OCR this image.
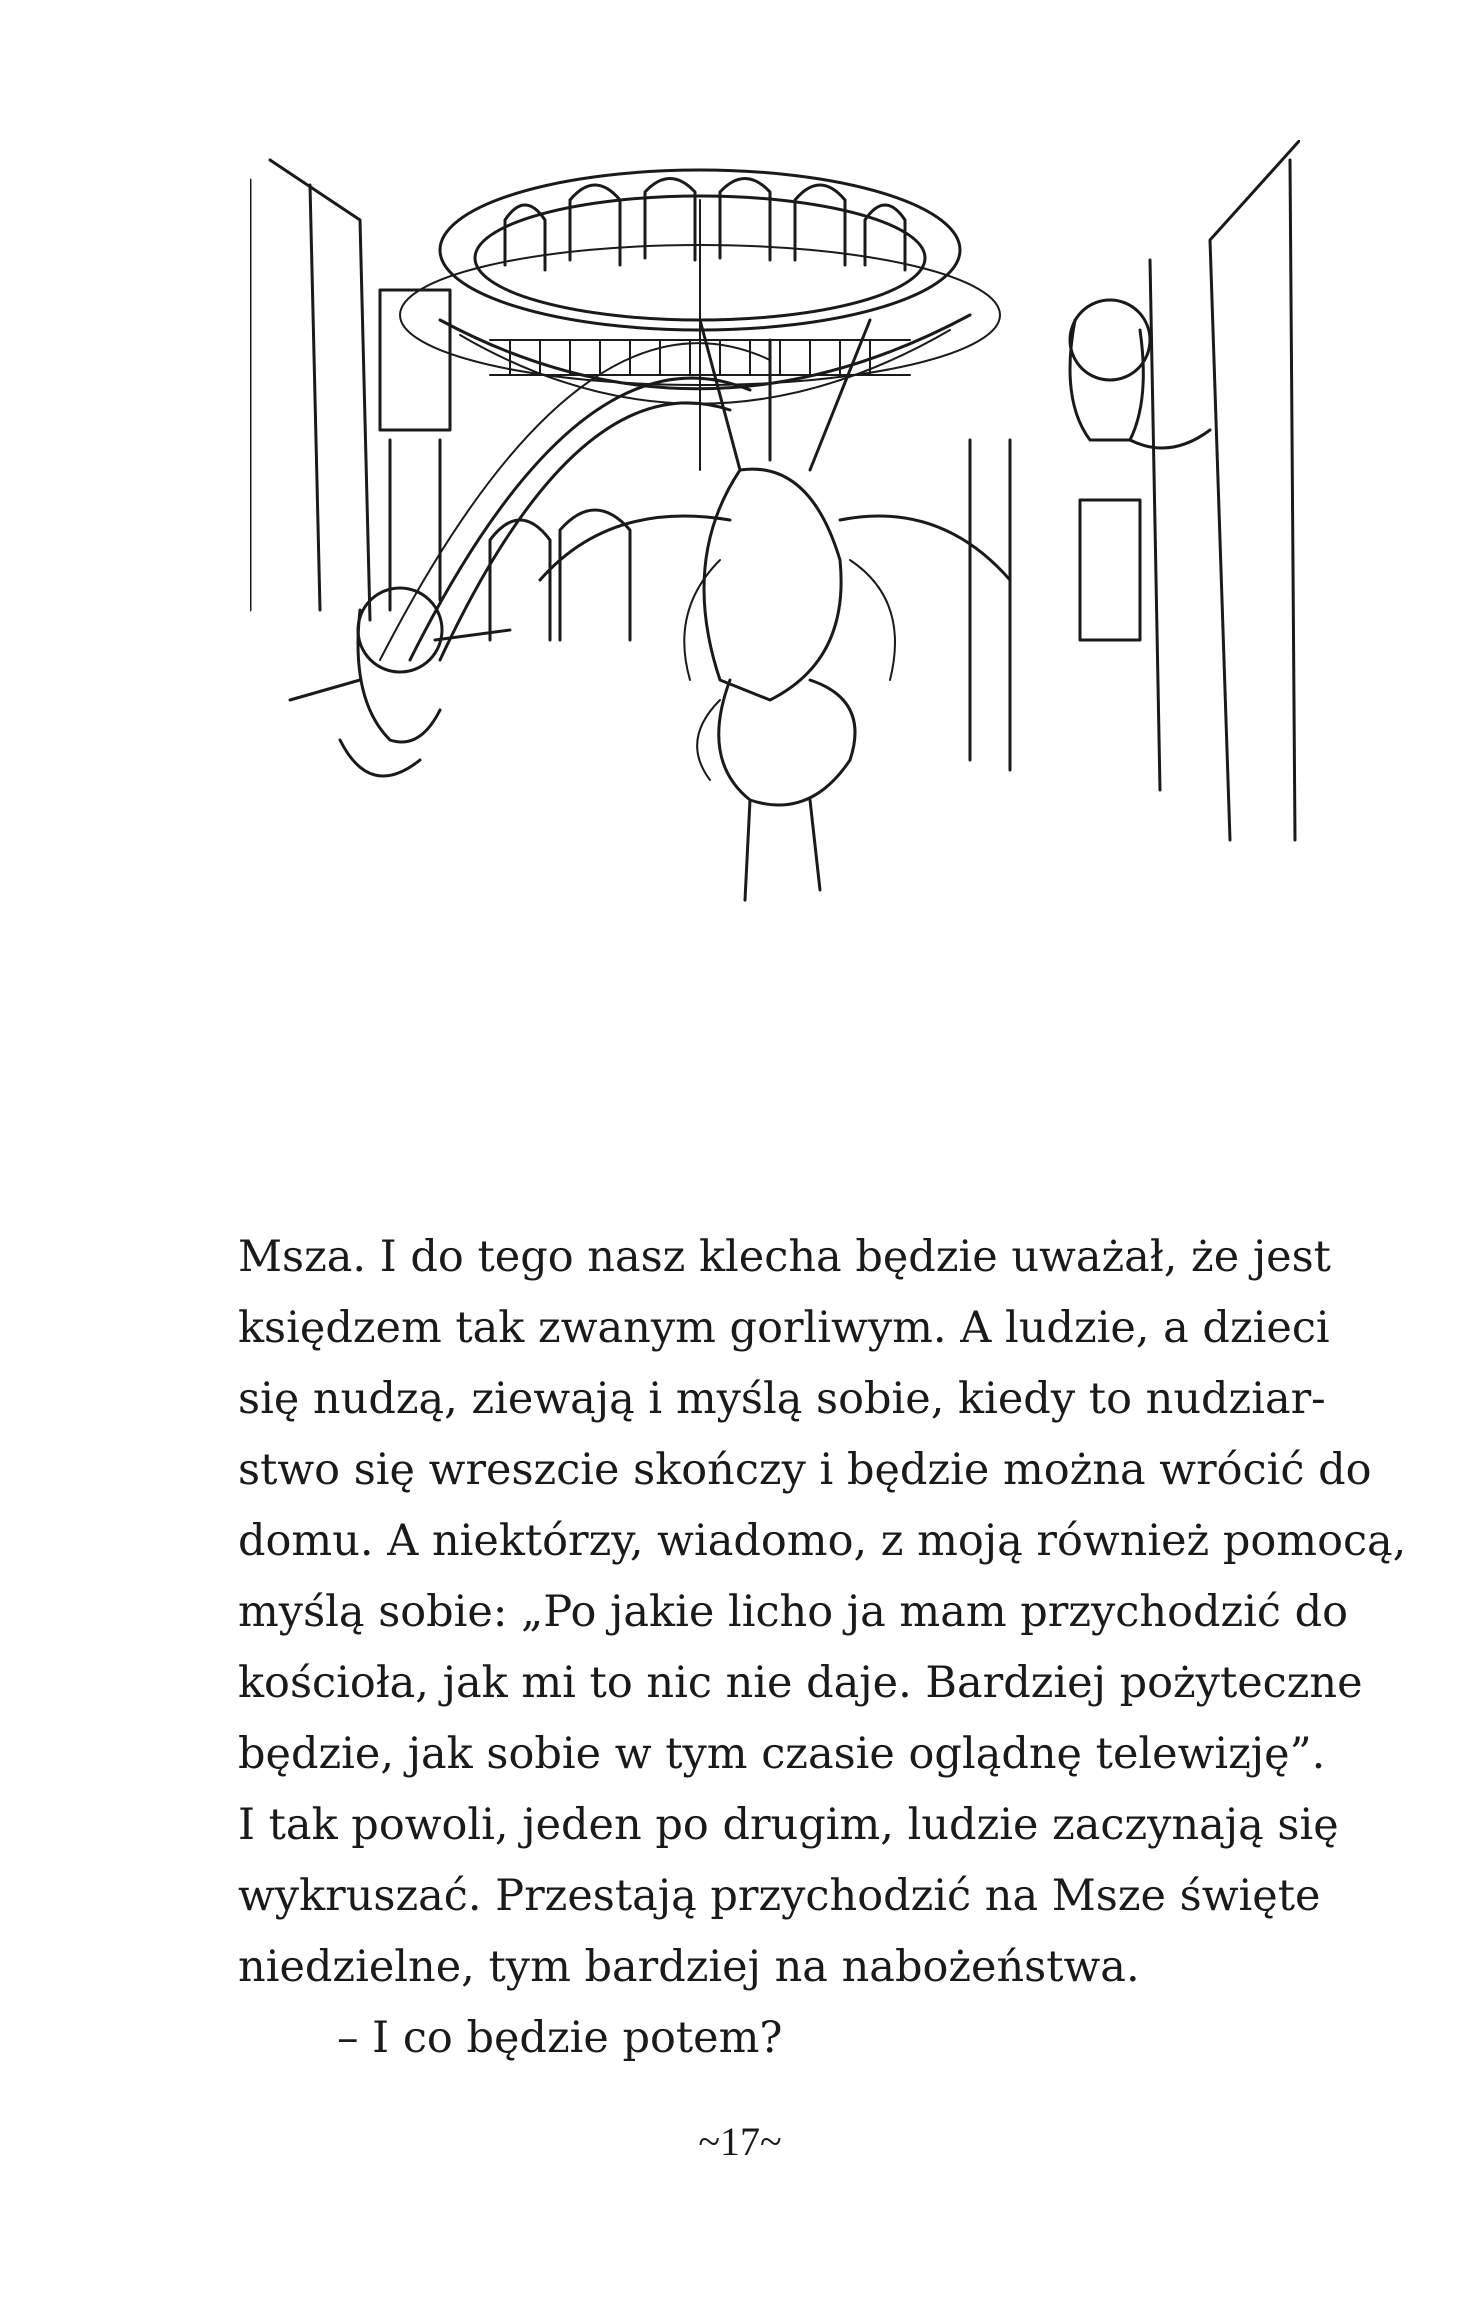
Msza. I do tego nasz klecha będzie uważał, że jest
księdzem tak zwanym gorliwym. A ludzie, a dzieci
się nudzą, ziewają i myślą sobie, kiedy to nudziar-
stwo się wreszcie skończy i będzie można wrócić do
domu. A niektórzy, wiadomo, z moją również pomocą,
myślą sobie: „Po jakie licho ja mam przychodzić do
kościoła, jak mi to nic nie daje. Bardziej pożyteczne
będzie, jak sobie w tym czasie oglądnę telewizję”.
I tak powoli, jeden po drugim, ludzie zaczynają się
wykruszać. Przestają przychodzić na Msze święte
niedzielne, tym bardziej na nabożeństwa.
– I co będzie potem?
~17~
